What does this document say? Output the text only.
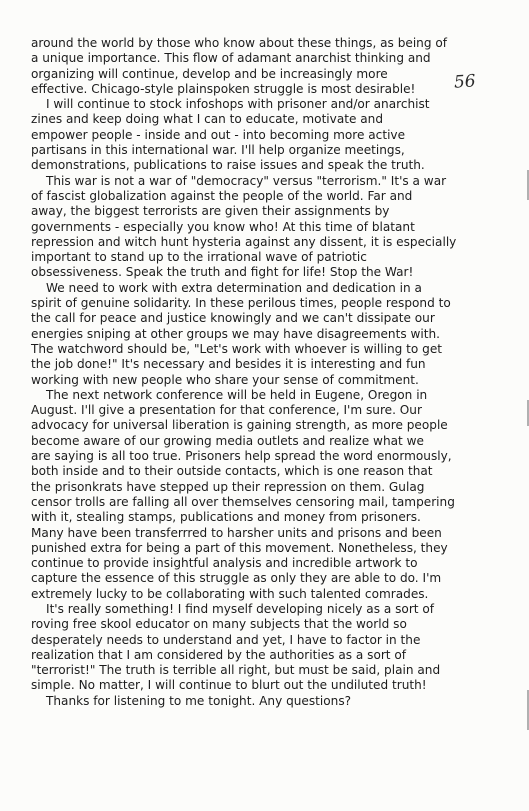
56
around the world by those who know about these things, as being of
a unique importance. This flow of adamant anarchist thinking and
organizing will continue, develop and be increasingly more
effective. Chicago-style plainspoken struggle is most desirable!
I will continue to stock infoshops with prisoner and/or anarchist
zines and keep doing what I can to educate, motivate and
empower people - inside and out - into becoming more active
partisans in this international war. I'll help organize meetings,
demonstrations, publications to raise issues and speak the truth.
This war is not a war of "democracy" versus "terrorism." It's a war
of fascist globalization against the people of the world. Far and
away, the biggest terrorists are given their assignments by
governments - especially you know who! At this time of blatant
repression and witch hunt hysteria against any dissent, it is especially
important to stand up to the irrational wave of patriotic
obsessiveness. Speak the truth and fight for life! Stop the War!
We need to work with extra determination and dedication in a
spirit of genuine solidarity. In these perilous times, people respond to
the call for peace and justice knowingly and we can't dissipate our
energies sniping at other groups we may have disagreements with.
The watchword should be, "Let's work with whoever is willing to get
the job done!" It's necessary and besides it is interesting and fun
working with new people who share your sense of commitment.
The next network conference will be held in Eugene, Oregon in
August. I'll give a presentation for that conference, I'm sure. Our
advocacy for universal liberation is gaining strength, as more people
become aware of our growing media outlets and realize what we
are saying is all too true. Prisoners help spread the word enormously,
both inside and to their outside contacts, which is one reason that
the prisonkrats have stepped up their repression on them. Gulag
censor trolls are falling all over themselves censoring mail, tampering
with it, stealing stamps, publications and money from prisoners.
Many have been transferrred to harsher units and prisons and been
punished extra for being a part of this movement. Nonetheless, they
continue to provide insightful analysis and incredible artwork to
capture the essence of this struggle as only they are able to do. I'm
extremely lucky to be collaborating with such talented comrades.
It's really something! I find myself developing nicely as a sort of
roving free skool educator on many subjects that the world so
desperately needs to understand and yet, I have to factor in the
realization that I am considered by the authorities as a sort of
"terrorist!" The truth is terrible all right, but must be said, plain and
simple. No matter, I will continue to blurt out the undiluted truth!
Thanks for listening to me tonight. Any questions?
